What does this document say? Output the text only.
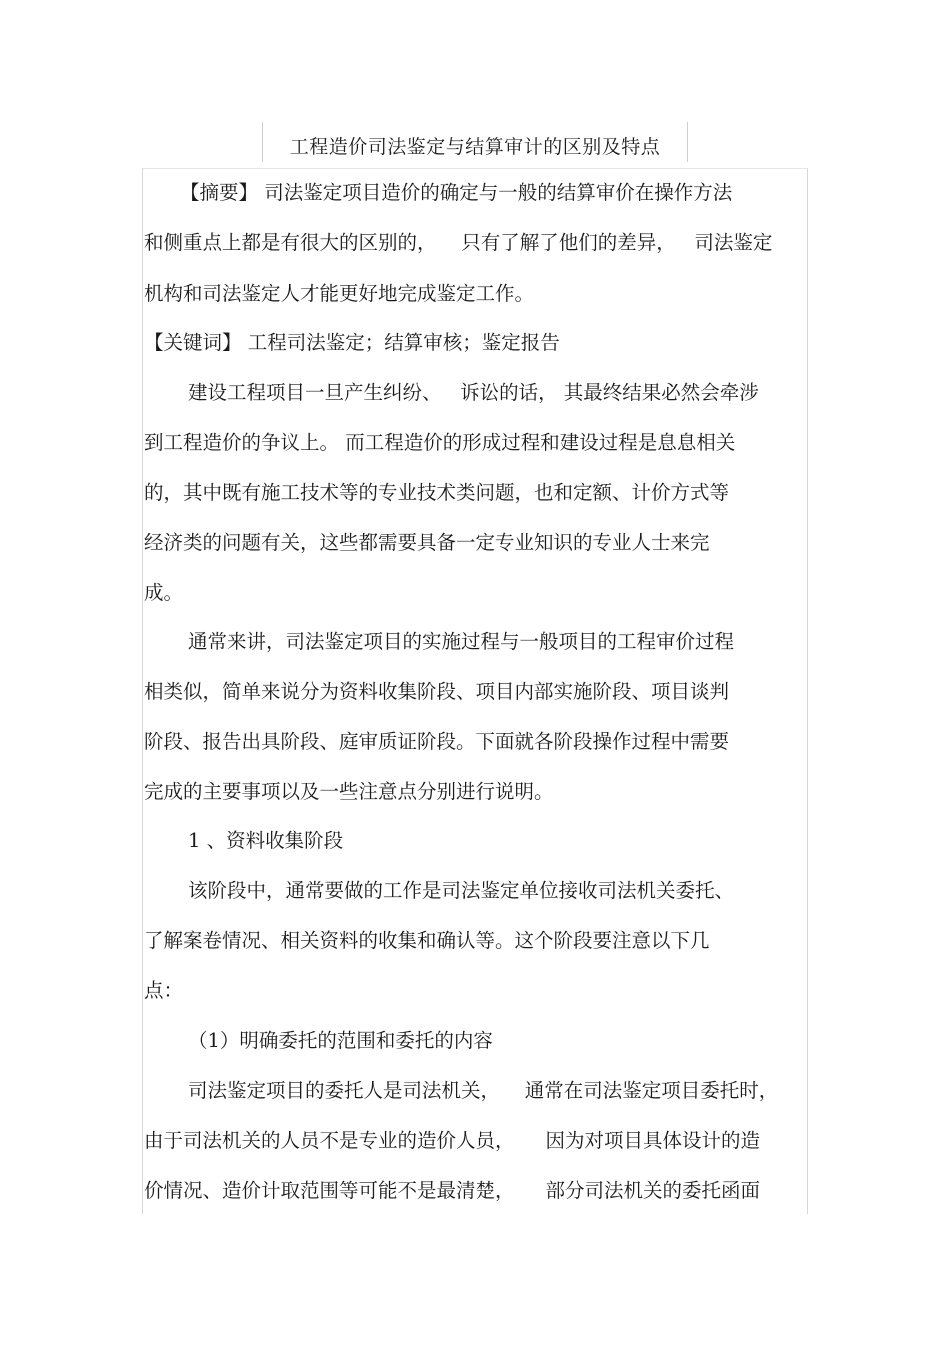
工程造价司法鉴定与结算审计的区别及特点
【摘要】 司法鉴定项目造价的确定与一般的结算审价在操作方法
和侧重点上都是有很大的区别的，    只有了解了他们的差异，   司法鉴定
机构和司法鉴定人才能更好地完成鉴定工作。
【关键词】 工程司法鉴定；结算审核；鉴定报告
建设工程项目一旦产生纠纷、   诉讼的话， 其最终结果必然会牵涉
到工程造价的争议上。 而工程造价的形成过程和建设过程是息息相关
的，其中既有施工技术等的专业技术类问题，也和定额、计价方式等
经济类的问题有关，这些都需要具备一定专业知识的专业人士来完
成。
通常来讲，司法鉴定项目的实施过程与一般项目的工程审价过程
相类似，简单来说分为资料收集阶段、项目内部实施阶段、项目谈判
阶段、报告出具阶段、庭审质证阶段。下面就各阶段操作过程中需要
完成的主要事项以及一些注意点分别进行说明。
1 、资料收集阶段
该阶段中，通常要做的工作是司法鉴定单位接收司法机关委托、
了解案卷情况、相关资料的收集和确认等。这个阶段要注意以下几
点：
（1）明确委托的范围和委托的内容
司法鉴定项目的委托人是司法机关，    通常在司法鉴定项目委托时，
由于司法机关的人员不是专业的造价人员，     因为对项目具体设计的造
价情况、造价计取范围等可能不是最清楚，     部分司法机关的委托函面
